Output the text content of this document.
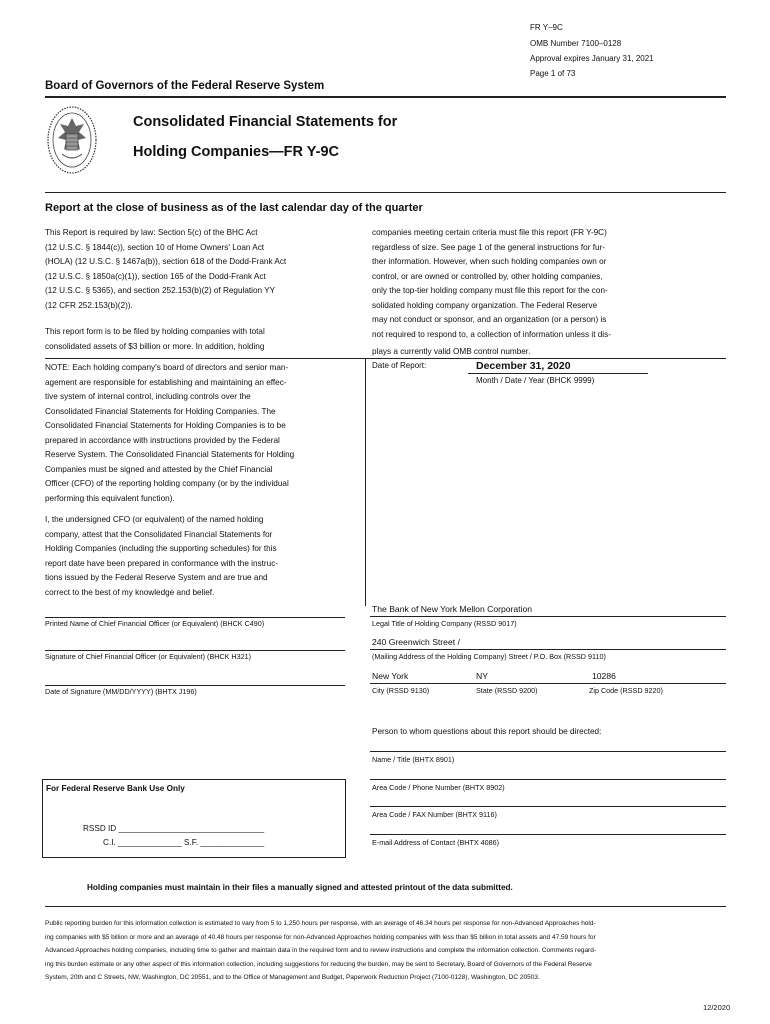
FR Y–9C
OMB Number 7100–0128
Approval expires January 31, 2021
Page 1 of 73
Board of Governors of the Federal Reserve System
Consolidated Financial Statements for
Holding Companies—FR Y-9C
Report at the close of business as of the last calendar day of the quarter
This Report is required by law: Section 5(c) of the BHC Act
(12 U.S.C. § 1844(c)), section 10 of Home Owners' Loan Act
(HOLA) (12 U.S.C. § 1467a(b)), section 618 of the Dodd-Frank Act
(12 U.S.C. § 1850a(c)(1)), section 165 of the Dodd-Frank Act
(12 U.S.C. § 5365), and section 252.153(b)(2) of Regulation YY
(12 CFR 252.153(b)(2)).
This report form is to be filed by holding companies with total
consolidated assets of $3 billion or more. In addition, holding
companies meeting certain criteria must file this report (FR Y-9C)
regardless of size. See page 1 of the general instructions for fur-
ther information. However, when such holding companies own or
control, or are owned or controlled by, other holding companies,
only the top-tier holding company must file this report for the con-
solidated holding company organization. The Federal Reserve
may not conduct or sponsor, and an organization (or a person) is
not required to respond to, a collection of information unless it dis-
plays a currently valid OMB control number.
NOTE: Each holding company's board of directors and senior man-
agement are responsible for establishing and maintaining an effec-
tive system of internal control, including controls over the
Consolidated Financial Statements for Holding Companies. The
Consolidated Financial Statements for Holding Companies is to be
prepared in accordance with instructions provided by the Federal
Reserve System. The Consolidated Financial Statements for Holding
Companies must be signed and attested by the Chief Financial
Officer (CFO) of the reporting holding company (or by the individual
performing this equivalent function).
I, the undersigned CFO (or equivalent) of the named holding
company, attest that the Consolidated Financial Statements for
Holding Companies (including the supporting schedules) for this
report date have been prepared in conformance with the instruc-
tions issued by the Federal Reserve System and are true and
correct to the best of my knowledge and belief.
Date of Report:	December 31, 2020
Month / Date / Year (BHCK 9999)
Printed Name of Chief Financial Officer (or Equivalent) (BHCK C490)
Signature of Chief Financial Officer (or Equivalent) (BHCK H321)
Date of Signature (MM/DD/YYYY) (BHTX J196)
The Bank of New York Mellon Corporation
Legal Title of Holding Company (RSSD 9017)
240 Greenwich Street /
(Mailing Address of the Holding Company) Street / P.O. Box (RSSD 9110)
New York	NY	10286
City (RSSD 9130)	State (RSSD 9200)	Zip Code (RSSD 9220)
Person to whom questions about this report should be directed:
Name / Title (BHTX 8901)
Area Code / Phone Number (BHTX 8902)
Area Code / FAX Number (BHTX 9116)
E-mail Address of Contact (BHTX 4086)
For Federal Reserve Bank Use Only
RSSD ID ________________________________
C.I. ______________ S.F. ______________
Holding companies must maintain in their files a manually signed and attested printout of the data submitted.
Public reporting burden for this information collection is estimated to vary from 5 to 1,250 hours per response, with an average of 46.34 hours per response for non-Advanced Approaches hold-
ing companies with $5 billion or more and an average of 40.48 hours per response for non-Advanced Approaches holding companies with less than $5 billion in total assets and 47.59 hours for
Advanced Approaches holding companies, including time to gather and maintain data in the required form and to review instructions and complete the information collection. Comments regard-
ing this burden estimate or any other aspect of this information collection, including suggestions for reducing the burden, may be sent to Secretary, Board of Governors of the Federal Reserve
System, 20th and C Streets, NW, Washington, DC 20551, and to the Office of Management and Budget, Paperwork Reduction Project (7100-0128), Washington, DC 20503.
12/2020
